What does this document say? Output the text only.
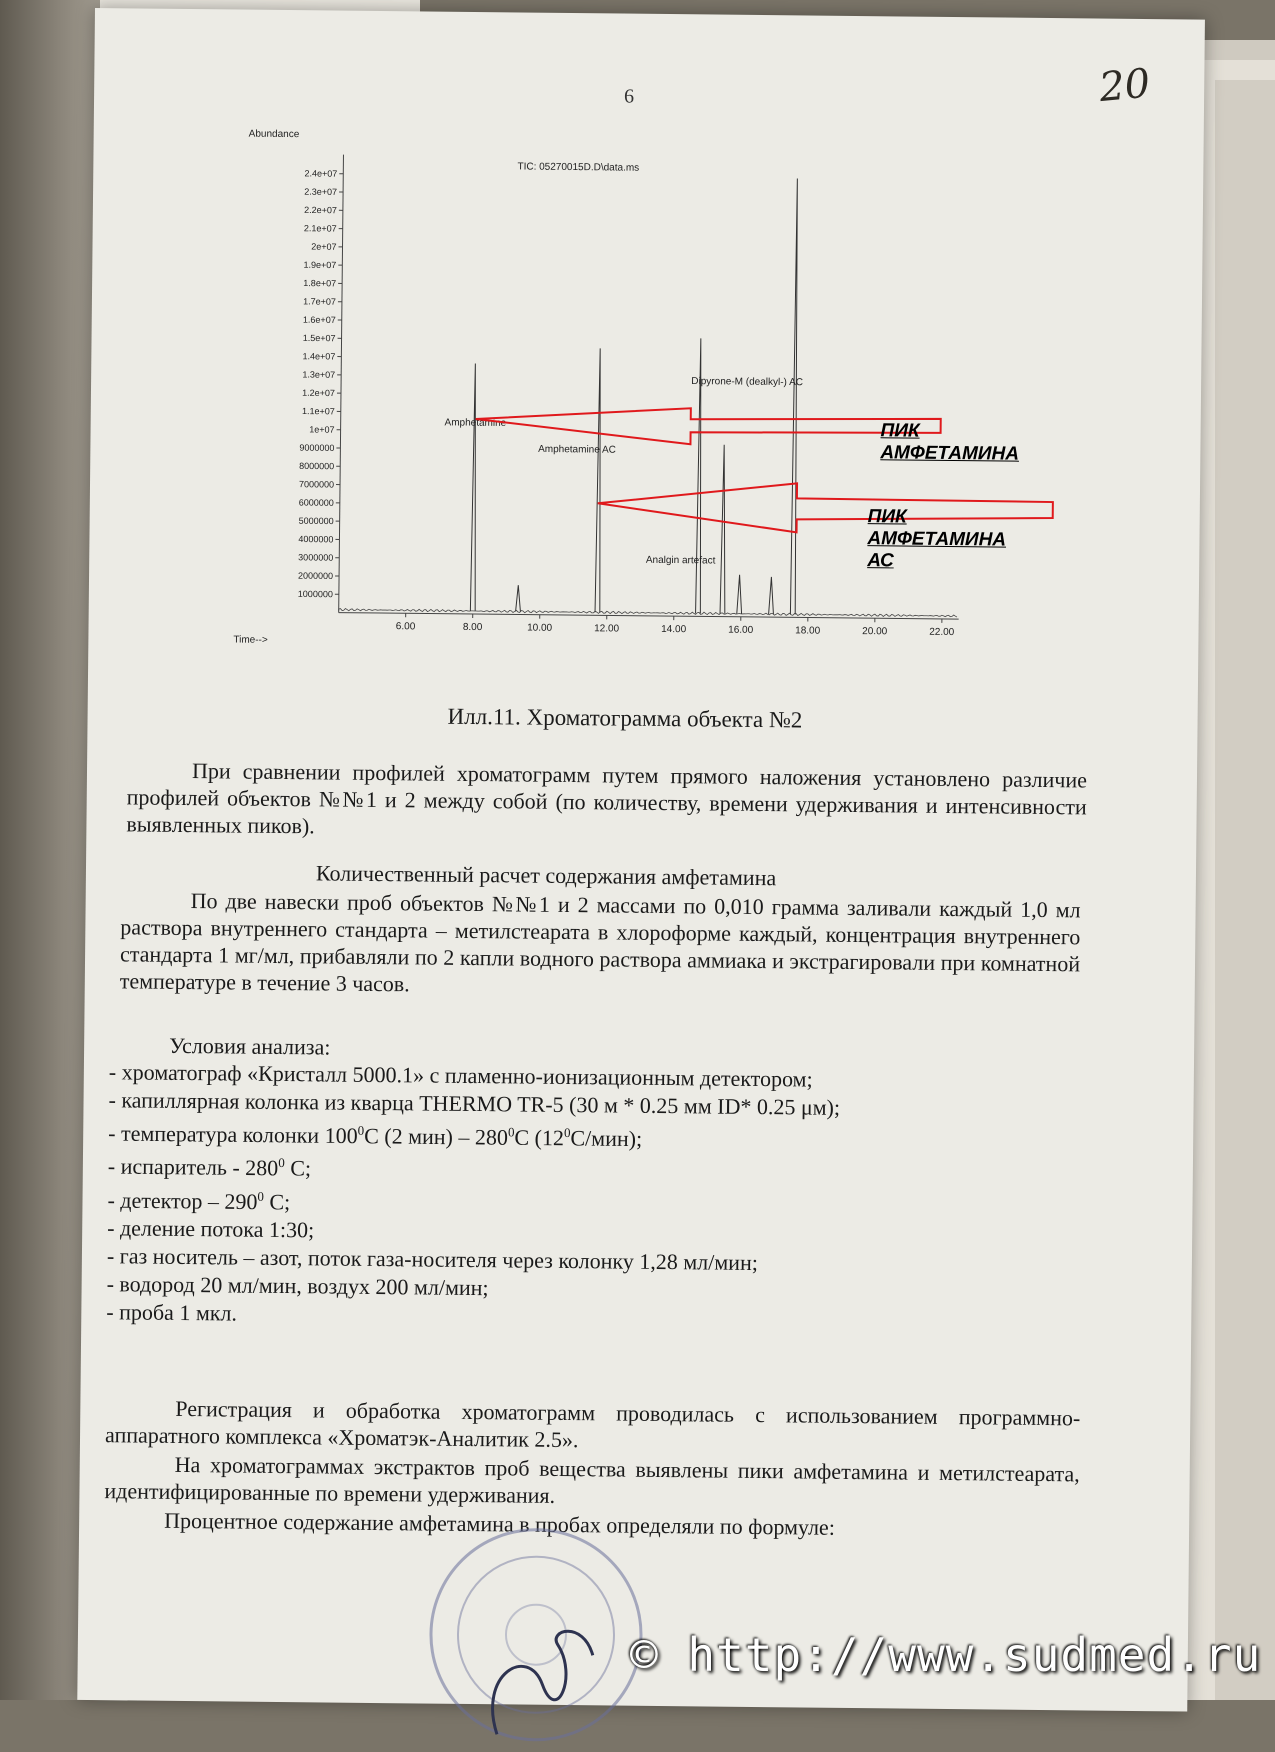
6	20
2.4e+07
2.3e+07
2.2e+07
2.1e+07
2e+07
1.9e+07
1.8e+07
1.7e+07
1.6e+07
1.5e+07
1.4e+07
1.3e+07
1.2e+07
1.1e+07
1e+07
9000000
8000000
7000000
6000000
5000000
4000000
3000000
2000000
1000000
6.00	8.00	10.00	12.00	14.00	16.00	18.00	20.00	22.00
Abundance
Time-->
TIC: 05270015D.D\data.ms
Amphetamine
Amphetamine AC
Dipyrone-M (dealkyl-) AC
Analgin artefact
ПИК АМФЕТАМИНА
ПИК АМФЕТАМИНА АС
Илл.11. Хроматограмма объекта №2
При сравнении профилей хроматограмм путем прямого наложения установлено различие профилей объектов №№1 и 2 между собой (по количеству, времени удерживания и интенсивности выявленных пиков).
Количественный расчет содержания амфетамина
По две навески проб объектов №№1 и 2 массами по 0,010 грамма заливали каждый 1,0 мл раствора внутреннего стандарта – метилстеарата в хлороформе каждый, концентрация внутреннего стандарта 1 мг/мл, прибавляли по 2 капли водного раствора аммиака и экстрагировали при комнатной температуре в течение 3 часов.
Условия анализа:
- хроматограф «Кристалл 5000.1» с пламенно-ионизационным детектором;
- капиллярная колонка из кварца THERMO TR-5 (30 м * 0.25 мм ID* 0.25 μм);
- температура колонки $100^0С$ (2 $мин) - 280^0С$ $(12^0С/мин)$;
- испаритель - $280^0$ С;
- детектор – $290^0$ С;
- деление потока 1:30;
- газ носитель – азот, поток газа-носителя через колонку 1,28 мл/мин;
- водород 20 мл/мин, воздух 200 мл/мин;
- проба 1 мкл.
Регистрация и обработка хроматограмм проводилась с использованием программно-аппаратного комплекса «Хроматэк-Аналитик 2.5».
На хроматограммах экстрактов проб вещества выявлены пики амфетамина и метилстеарата, идентифицированные по времени удерживания.
Процентное содержание амфетамина в пробах определяли по формуле:
© http://www.sudmed.ru
